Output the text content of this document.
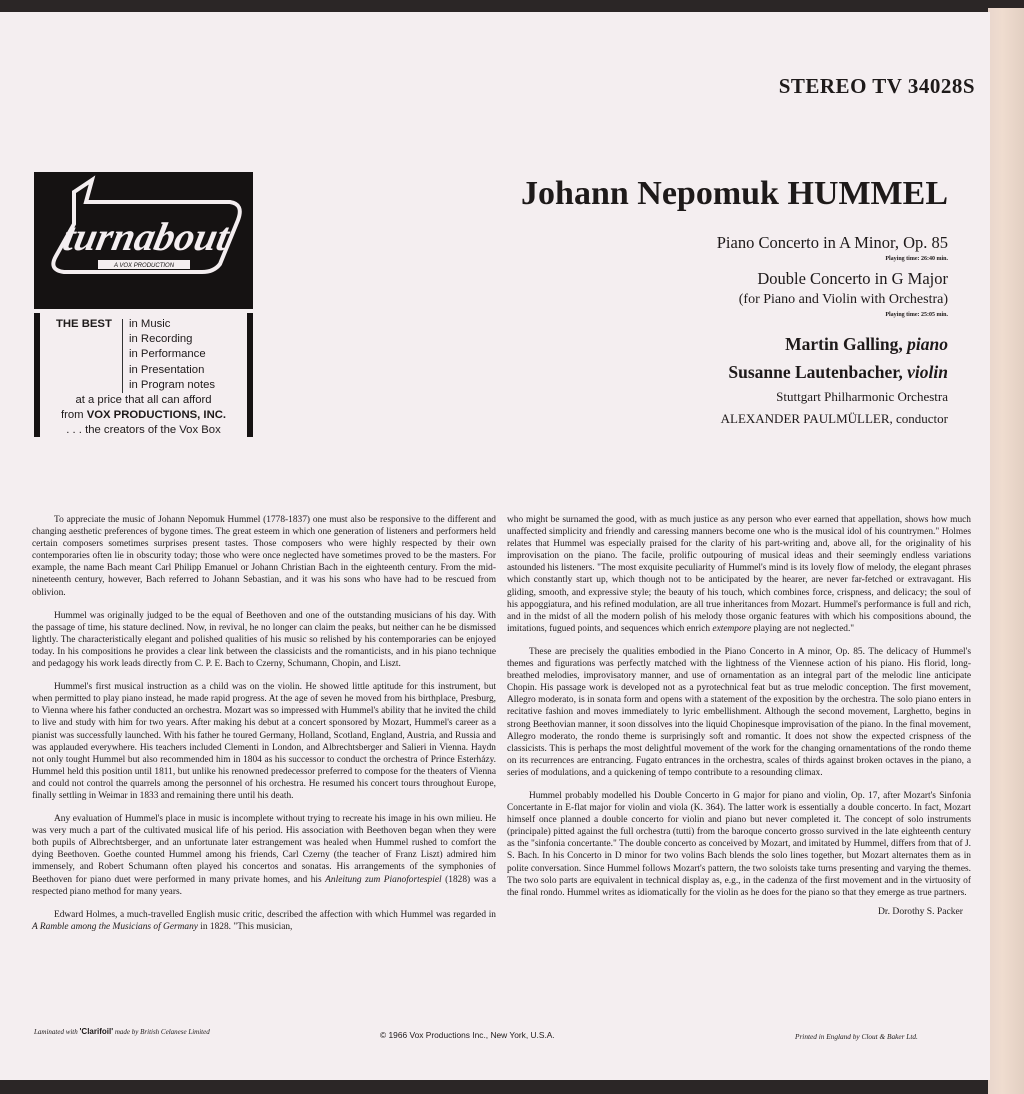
STEREO TV 34028S
turnabout
A VOX PRODUCTION
THE BEST in Music
in Recording
in Performance
in Presentation
in Program notes
at a price that all can afford
from VOX PRODUCTIONS, INC.
. . . the creators of the Vox Box
Johann Nepomuk HUMMEL
Piano Concerto in A Minor, Op. 85
Playing time: 26:40 min.
Double Concerto in G Major
(for Piano and Violin with Orchestra)
Playing time: 25:05 min.
Martin Galling, piano
Susanne Lautenbacher, violin
Stuttgart Philharmonic Orchestra
ALEXANDER PAULMÜLLER, conductor

To appreciate the music of Johann Nepomuk Hummel (1778-1837) one must also be responsive to the different and changing aesthetic preferences of bygone times. The great esteem in which one generation of listeners and performers held certain composers sometimes surprises present tastes. Those composers who were highly respected by their own contemporaries often lie in obscurity today; those who were once neglected have sometimes proved to be the masters. For example, the name Bach meant Carl Philipp Emanuel or Johann Christian Bach in the eighteenth century. From the mid-nineteenth century, however, Bach referred to Johann Sebastian, and it was his sons who have had to be rescued from oblivion.

Hummel was originally judged to be the equal of Beethoven and one of the outstanding musicians of his day. With the passage of time, his stature declined. Now, in revival, he no longer can claim the peaks, but neither can he be dismissed lightly. The characteristically elegant and polished qualities of his music so relished by his contemporaries can be enjoyed today. In his compositions he provides a clear link between the classicists and the romanticists, and in his piano technique and pedagogy his work leads directly from C. P. E. Bach to Czerny, Schumann, Chopin, and Liszt.

Hummel's first musical instruction as a child was on the violin. He showed little aptitude for this instrument, but when permitted to play piano instead, he made rapid progress. At the age of seven he moved from his birthplace, Presburg, to Vienna where his father conducted an orchestra. Mozart was so impressed with Hummel's ability that he invited the child to live and study with him for two years. After making his debut at a concert sponsored by Mozart, Hummel's career as a pianist was successfully launched. With his father he toured Germany, Holland, Scotland, England, Austria, and Russia and was applauded everywhere. His teachers included Clementi in London, and Albrechtsberger and Salieri in Vienna. Haydn not only tought Hummel but also recommended him in 1804 as his successor to conduct the orchestra of Prince Esterházy. Hummel held this position until 1811, but unlike his renowned predecessor preferred to compose for the theaters of Vienna and could not control the quarrels among the personnel of his orchestra. He resumed his concert tours throughout Europe, finally settling in Weimar in 1833 and remaining there until his death.

Any evaluation of Hummel's place in music is incomplete without trying to recreate his image in his own milieu. He was very much a part of the cultivated musical life of his period. His association with Beethoven began when they were both pupils of Albrechtsberger, and an unfortunate later estrangement was healed when Hummel rushed to comfort the dying Beethoven. Goethe counted Hummel among his friends, Carl Czerny (the teacher of Franz Liszt) admired him immensely, and Robert Schumann often played his concertos and sonatas. His arrangements of the symphonies of Beethoven for piano duet were performed in many private homes, and his Anleitung zum Pianofortespiel (1828) was a respected piano method for many years.

Edward Holmes, a much-travelled English music critic, described the affection with which Hummel was regarded in A Ramble among the Musicians of Germany in 1828. "This musician,

who might be surnamed the good, with as much justice as any person who ever earned that appellation, shows how much unaffected simplicity and friendly and caressing manners become one who is the musical idol of his countrymen." Holmes relates that Hummel was especially praised for the clarity of his part-writing and, above all, for the originality of his improvisation on the piano. The facile, prolific outpouring of musical ideas and their seemingly endless variations astounded his listeners. "The most exquisite peculiarity of Hummel's mind is its lovely flow of melody, the elegant phrases which constantly start up, which though not to be anticipated by the hearer, are never far-fetched or extravagant. His gliding, smooth, and expressive style; the beauty of his touch, which combines force, crispness, and delicacy; the soul of his appoggiatura, and his refined modulation, are all true inheritances from Mozart. Hummel's performance is full and rich, and in the midst of all the modern polish of his melody those organic features with which his compositions abound, the imitations, fugued points, and sequences which enrich extempore playing are not neglected."

These are precisely the qualities embodied in the Piano Concerto in A minor, Op. 85. The delicacy of Hummel's themes and figurations was perfectly matched with the lightness of the Viennese action of his piano. His florid, long-breathed melodies, improvisatory manner, and use of ornamentation as an integral part of the melodic line anticipate Chopin. His passage work is developed not as a pyrotechnical feat but as true melodic conception. The first movement, Allegro moderato, is in sonata form and opens with a statement of the exposition by the orchestra. The solo piano enters in recitative fashion and moves immediately to lyric embellishment. Although the second movement, Larghetto, begins in strong Beethovian manner, it soon dissolves into the liquid Chopinesque improvisation of the piano. In the final movement, Allegro moderato, the rondo theme is surprisingly soft and romantic. It does not show the expected crispness of the classicists. This is perhaps the most delightful movement of the work for the changing ornamentations of the rondo theme on its recurrences are entrancing. Fugato entrances in the orchestra, scales of thirds against broken octaves in the piano, a series of modulations, and a quickening of tempo contribute to a resounding climax.

Hummel probably modelled his Double Concerto in G major for piano and violin, Op. 17, after Mozart's Sinfonia Concertante in E-flat major for violin and viola (K. 364). The latter work is essentially a double concerto. In fact, Mozart himself once planned a double concerto for violin and piano but never completed it. The concept of solo instruments (principale) pitted against the full orchestra (tutti) from the baroque concerto grosso survived in the late eighteenth century as the "sinfonia concertante." The double concerto as conceived by Mozart, and imitated by Hummel, differs from that of J. S. Bach. In his Concerto in D minor for two volins Bach blends the solo lines together, but Mozart alternates them as in polite conversation. Since Hummel follows Mozart's pattern, the two soloists take turns presenting and varying the themes. The two solo parts are equivalent in technical display as, e.g., in the cadenza of the first movement and in the virtuosity of the final rondo. Hummel writes as idiomatically for the violin as he does for the piano so that they emerge as true partners.

Dr. Dorothy S. Packer
Laminated with 'Clarifoil' made by British Celanese Limited	© 1966 Vox Productions Inc., New York, U.S.A.	Printed in England by Clout & Baker Ltd.
